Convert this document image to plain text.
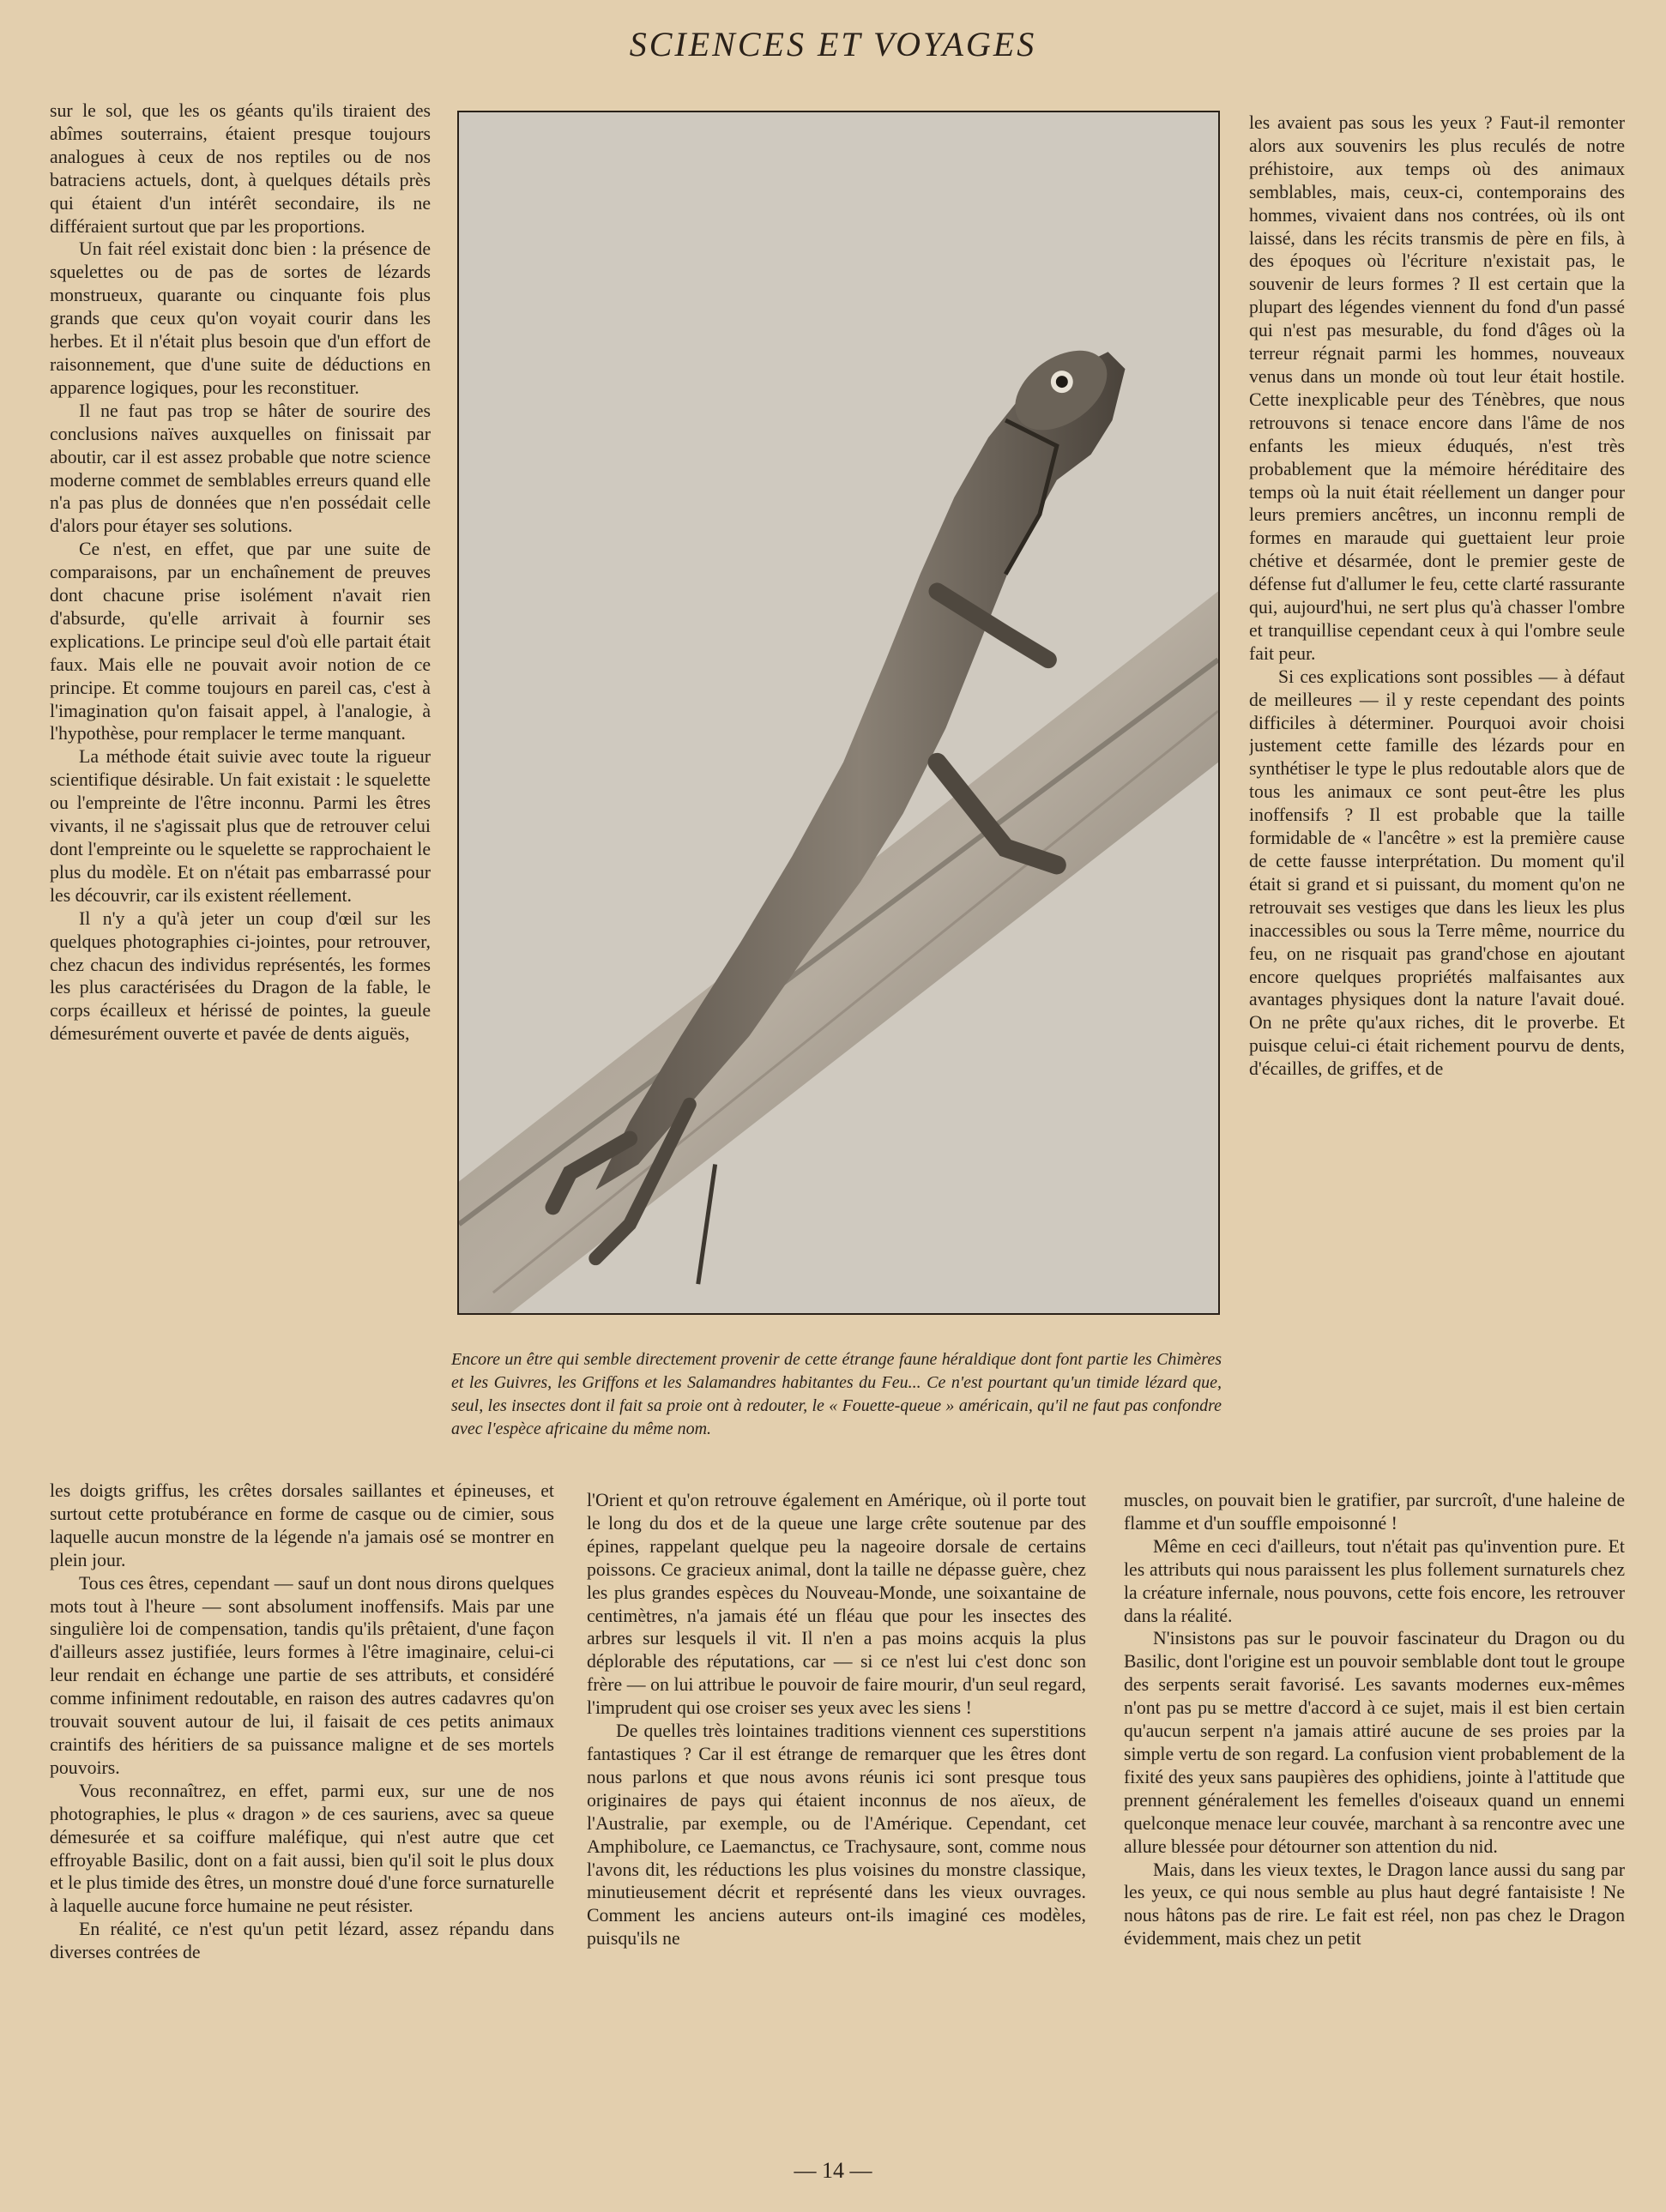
SCIENCES ET VOYAGES

sur le sol, que les os géants qu'ils tiraient des abîmes souterrains, étaient presque toujours analogues à ceux de nos reptiles ou de nos batraciens actuels, dont, à quelques détails près qui étaient d'un intérêt secondaire, ils ne différaient surtout que par les proportions.

Un fait réel existait donc bien : la présence de squelettes ou de pas de sortes de lézards monstrueux, quarante ou cinquante fois plus grands que ceux qu'on voyait courir dans les herbes. Et il n'était plus besoin que d'un effort de raisonnement, que d'une suite de déductions en apparence logiques, pour les reconstituer.

Il ne faut pas trop se hâter de sourire des conclusions naïves auxquelles on finissait par aboutir, car il est assez probable que notre science moderne commet de semblables erreurs quand elle n'a pas plus de données que n'en possédait celle d'alors pour étayer ses solutions.

Ce n'est, en effet, que par une suite de comparaisons, par un enchaînement de preuves dont chacune prise isolément n'avait rien d'absurde, qu'elle arrivait à fournir ses explications. Le principe seul d'où elle partait était faux. Mais elle ne pouvait avoir notion de ce principe. Et comme toujours en pareil cas, c'est à l'imagination qu'on faisait appel, à l'analogie, à l'hypothèse, pour remplacer le terme manquant.

La méthode était suivie avec toute la rigueur scientifique désirable. Un fait existait : le squelette ou l'empreinte de l'être inconnu. Parmi les êtres vivants, il ne s'agissait plus que de retrouver celui dont l'empreinte ou le squelette se rapprochaient le plus du modèle. Et on n'était pas embarrassé pour les découvrir, car ils existent réellement.

Il n'y a qu'à jeter un coup d'œil sur les quelques photographies ci-jointes, pour retrouver, chez chacun des individus représentés, les formes les plus caractérisées du Dragon de la fable, le corps écailleux et hérissé de pointes, la gueule démesurément ouverte et pavée de dents aiguës,

Encore un être qui semble directement provenir de cette étrange faune héraldique dont font partie les Chimères et les Guivres, les Griffons et les Salamandres habitantes du Feu... Ce n'est pourtant qu'un timide lézard que, seul, les insectes dont il fait sa proie ont à redouter, le « Fouette-queue » américain, qu'il ne faut pas confondre avec l'espèce africaine du même nom.

les avaient pas sous les yeux ? Faut-il remonter alors aux souvenirs les plus reculés de notre préhistoire, aux temps où des animaux semblables, mais, ceux-ci, contemporains des hommes, vivaient dans nos contrées, où ils ont laissé, dans les récits transmis de père en fils, à des époques où l'écriture n'existait pas, le souvenir de leurs formes ? Il est certain que la plupart des légendes viennent du fond d'un passé qui n'est pas mesurable, du fond d'âges où la terreur régnait parmi les hommes, nouveaux venus dans un monde où tout leur était hostile. Cette inexplicable peur des Ténèbres, que nous retrouvons si tenace encore dans l'âme de nos enfants les mieux éduqués, n'est très probablement que la mémoire héréditaire des temps où la nuit était réellement un danger pour leurs premiers ancêtres, un inconnu rempli de formes en maraude qui guettaient leur proie chétive et désarmée, dont le premier geste de défense fut d'allumer le feu, cette clarté rassurante qui, aujourd'hui, ne sert plus qu'à chasser l'ombre et tranquillise cependant ceux à qui l'ombre seule fait peur.

Si ces explications sont possibles — à défaut de meilleures — il y reste cependant des points difficiles à déterminer. Pourquoi avoir choisi justement cette famille des lézards pour en synthétiser le type le plus redoutable alors que de tous les animaux ce sont peut-être les plus inoffensifs ? Il est probable que la taille formidable de « l'ancêtre » est la première cause de cette fausse interprétation. Du moment qu'il était si grand et si puissant, du moment qu'on ne retrouvait ses vestiges que dans les lieux les plus inaccessibles ou sous la Terre même, nourrice du feu, on ne risquait pas grand'chose en ajoutant encore quelques propriétés malfaisantes aux avantages physiques dont la nature l'avait doué. On ne prête qu'aux riches, dit le proverbe. Et puisque celui-ci était richement pourvu de dents, d'écailles, de griffes, et de

les doigts griffus, les crêtes dorsales saillantes et épineuses, et surtout cette protubérance en forme de casque ou de cimier, sous laquelle aucun monstre de la légende n'a jamais osé se montrer en plein jour.

Tous ces êtres, cependant — sauf un dont nous dirons quelques mots tout à l'heure — sont absolument inoffensifs. Mais par une singulière loi de compensation, tandis qu'ils prêtaient, d'une façon d'ailleurs assez justifiée, leurs formes à l'être imaginaire, celui-ci leur rendait en échange une partie de ses attributs, et considéré comme infiniment redoutable, en raison des autres cadavres qu'on trouvait souvent autour de lui, il faisait de ces petits animaux craintifs des héritiers de sa puissance maligne et de ses mortels pouvoirs.

Vous reconnaîtrez, en effet, parmi eux, sur une de nos photographies, le plus « dragon » de ces sauriens, avec sa queue démesurée et sa coiffure maléfique, qui n'est autre que cet effroyable Basilic, dont on a fait aussi, bien qu'il soit le plus doux et le plus timide des êtres, un monstre doué d'une force surnaturelle à laquelle aucune force humaine ne peut résister.

En réalité, ce n'est qu'un petit lézard, assez répandu dans diverses contrées de

l'Orient et qu'on retrouve également en Amérique, où il porte tout le long du dos et de la queue une large crête soutenue par des épines, rappelant quelque peu la nageoire dorsale de certains poissons. Ce gracieux animal, dont la taille ne dépasse guère, chez les plus grandes espèces du Nouveau-Monde, une soixantaine de centimètres, n'a jamais été un fléau que pour les insectes des arbres sur lesquels il vit. Il n'en a pas moins acquis la plus déplorable des réputations, car — si ce n'est lui c'est donc son frère — on lui attribue le pouvoir de faire mourir, d'un seul regard, l'imprudent qui ose croiser ses yeux avec les siens !

De quelles très lointaines traditions viennent ces superstitions fantastiques ? Car il est étrange de remarquer que les êtres dont nous parlons et que nous avons réunis ici sont presque tous originaires de pays qui étaient inconnus de nos aïeux, de l'Australie, par exemple, ou de l'Amérique. Cependant, cet Amphibolure, ce Laemanctus, ce Trachysaure, sont, comme nous l'avons dit, les réductions les plus voisines du monstre classique, minutieusement décrit et représenté dans les vieux ouvrages. Comment les anciens auteurs ont-ils imaginé ces modèles, puisqu'ils ne

muscles, on pouvait bien le gratifier, par surcroît, d'une haleine de flamme et d'un souffle empoisonné !

Même en ceci d'ailleurs, tout n'était pas qu'invention pure. Et les attributs qui nous paraissent les plus follement surnaturels chez la créature infernale, nous pouvons, cette fois encore, les retrouver dans la réalité.

N'insistons pas sur le pouvoir fascinateur du Dragon ou du Basilic, dont l'origine est un pouvoir semblable dont tout le groupe des serpents serait favorisé. Les savants modernes eux-mêmes n'ont pas pu se mettre d'accord à ce sujet, mais il est bien certain qu'aucun serpent n'a jamais attiré aucune de ses proies par la simple vertu de son regard. La confusion vient probablement de la fixité des yeux sans paupières des ophidiens, jointe à l'attitude que prennent généralement les femelles d'oiseaux quand un ennemi quelconque menace leur couvée, marchant à sa rencontre avec une allure blessée pour détourner son attention du nid.

Mais, dans les vieux textes, le Dragon lance aussi du sang par les yeux, ce qui nous semble au plus haut degré fantaisiste ! Ne nous hâtons pas de rire. Le fait est réel, non pas chez le Dragon évidemment, mais chez un petit

— 14 —
